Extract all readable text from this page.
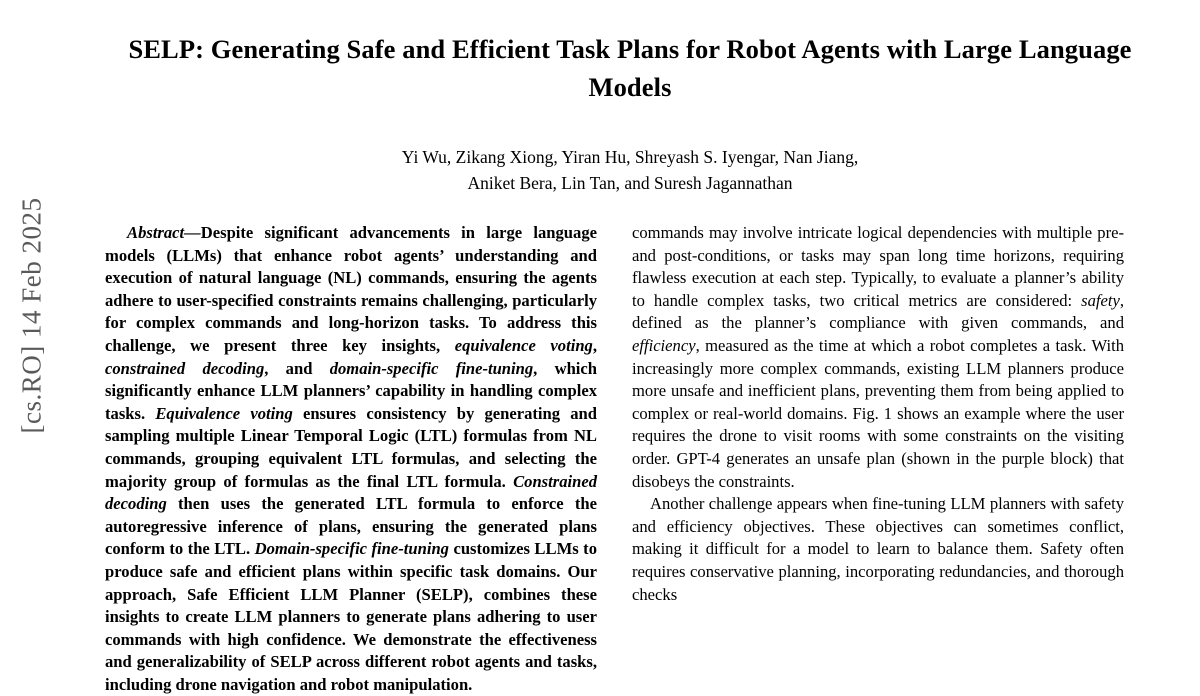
[cs.RO] 14 Feb 2025
SELP: Generating Safe and Efficient Task Plans for Robot Agents with Large Language Models
Yi Wu, Zikang Xiong, Yiran Hu, Shreyash S. Iyengar, Nan Jiang,
Aniket Bera, Lin Tan, and Suresh Jagannathan

Abstract—Despite significant advancements in large language models (LLMs) that enhance robot agents’ understanding and execution of natural language (NL) commands, ensuring the agents adhere to user-specified constraints remains challenging, particularly for complex commands and long-horizon tasks. To address this challenge, we present three key insights, equivalence voting, constrained decoding, and domain-specific fine-tuning, which significantly enhance LLM planners’ capability in handling complex tasks. Equivalence voting ensures consistency by generating and sampling multiple Linear Temporal Logic (LTL) formulas from NL commands, grouping equivalent LTL formulas, and selecting the majority group of formulas as the final LTL formula. Constrained decoding then uses the generated LTL formula to enforce the autoregressive inference of plans, ensuring the generated plans conform to the LTL. Domain-specific fine-tuning customizes LLMs to produce safe and efficient plans within specific task domains. Our approach, Safe Efficient LLM Planner (SELP), combines these insights to create LLM planners to generate plans adhering to user commands with high confidence. We demonstrate the effectiveness and generalizability of SELP across different robot agents and tasks, including drone navigation and robot manipulation.

commands may involve intricate logical dependencies with multiple pre- and post-conditions, or tasks may span long time horizons, requiring flawless execution at each step. Typically, to evaluate a planner’s ability to handle complex tasks, two critical metrics are considered: safety, defined as the planner’s compliance with given commands, and efficiency, measured as the time at which a robot completes a task. With increasingly more complex commands, existing LLM planners produce more unsafe and inefficient plans, preventing them from being applied to complex or real-world domains. Fig. 1 shows an example where the user requires the drone to visit rooms with some constraints on the visiting order. GPT-4 generates an unsafe plan (shown in the purple block) that disobeys the constraints.

Another challenge appears when fine-tuning LLM planners with safety and efficiency objectives. These objectives can sometimes conflict, making it difficult for a model to learn to balance them. Safety often requires conservative planning, incorporating redundancies, and thorough checks
